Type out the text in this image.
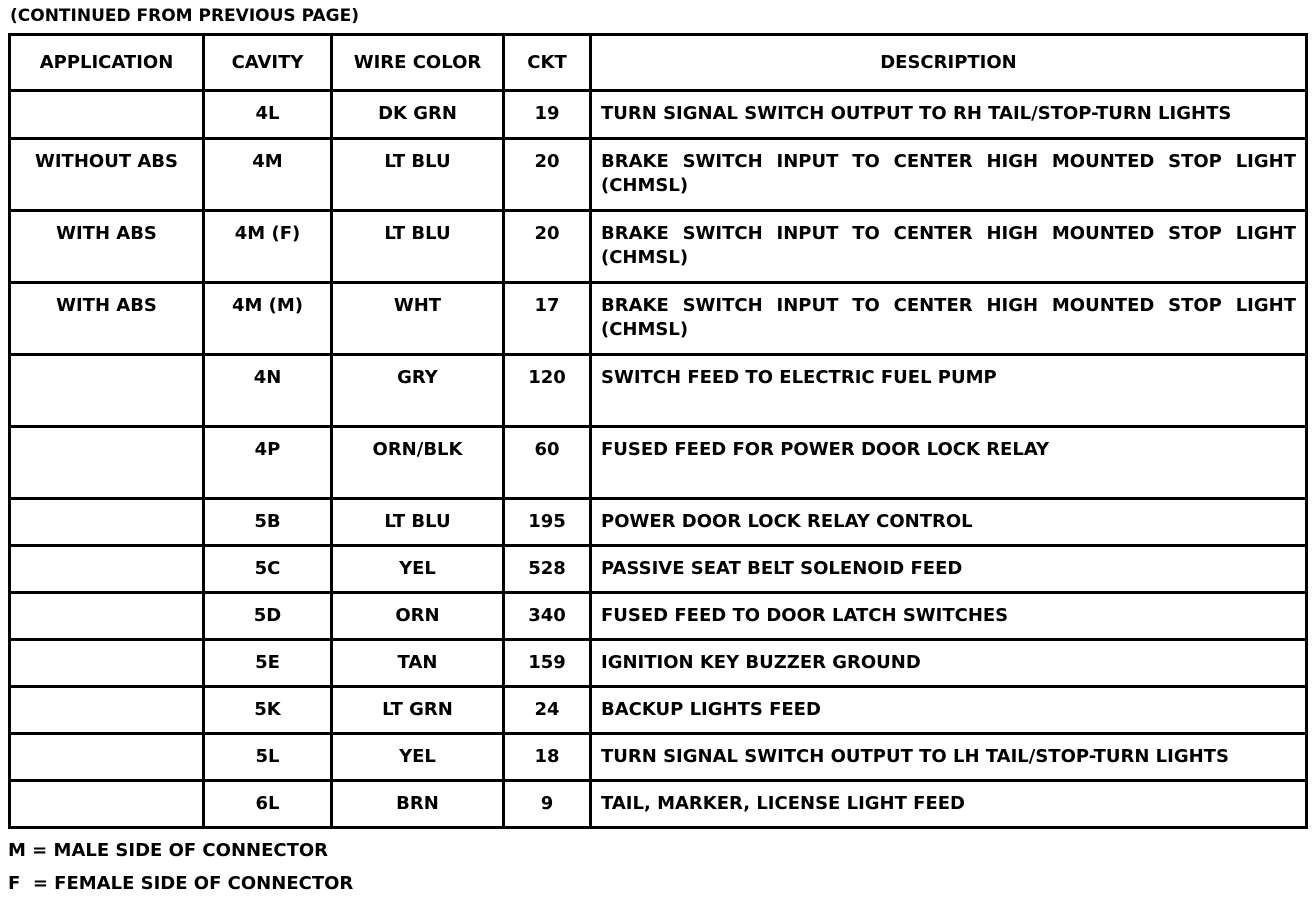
(CONTINUED FROM PREVIOUS PAGE)
APPLICATION	CAVITY	WIRE COLOR	CKT	DESCRIPTION
	4L	DK GRN	19	TURN SIGNAL SWITCH OUTPUT TO RH TAIL/STOP-TURN LIGHTS
WITHOUT ABS	4M	LT BLU	20	BRAKE SWITCH INPUT TO CENTER HIGH MOUNTED STOP LIGHT (CHMSL)
WITH ABS	4M (F)	LT BLU	20	BRAKE SWITCH INPUT TO CENTER HIGH MOUNTED STOP LIGHT (CHMSL)
WITH ABS	4M (M)	WHT	17	BRAKE SWITCH INPUT TO CENTER HIGH MOUNTED STOP LIGHT (CHMSL)
	4N	GRY	120	SWITCH FEED TO ELECTRIC FUEL PUMP
	4P	ORN/BLK	60	FUSED FEED FOR POWER DOOR LOCK RELAY
	5B	LT BLU	195	POWER DOOR LOCK RELAY CONTROL
	5C	YEL	528	PASSIVE SEAT BELT SOLENOID FEED
	5D	ORN	340	FUSED FEED TO DOOR LATCH SWITCHES
	5E	TAN	159	IGNITION KEY BUZZER GROUND
	5K	LT GRN	24	BACKUP LIGHTS FEED
	5L	YEL	18	TURN SIGNAL SWITCH OUTPUT TO LH TAIL/STOP-TURN LIGHTS
	6L	BRN	9	TAIL, MARKER, LICENSE LIGHT FEED
M = MALE SIDE OF CONNECTOR
F  = FEMALE SIDE OF CONNECTOR
